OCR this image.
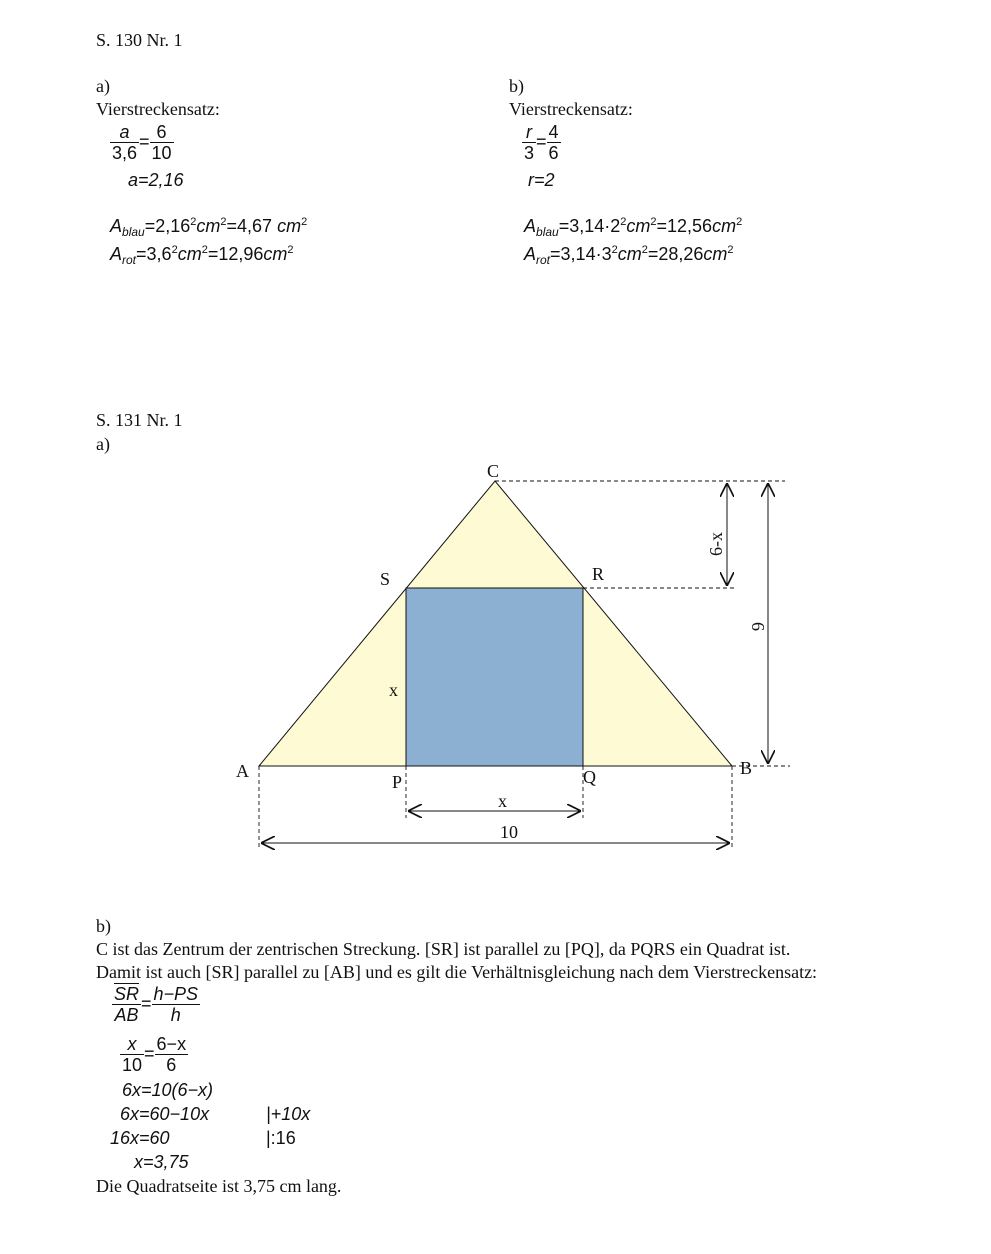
S. 130 Nr. 1
a)
Vierstreckensatz:
$\frac{a}{3,6} = \frac{6}{10}$
a=2,16
$A_{blau}=2,16^2cm^2=4,67$ $cm^2$
$A_{rot}=3,6^2cm^2=12,96cm^2$
b)
Vierstreckensatz:
$\frac{r}{3} = \frac{4}{6}$
r=2
$A_{blau}=3,14\cdot 2^2cm^2=12,56cm^2$
$A_{rot}=3,14\cdot 3^2cm^2=28,26cm^2$
S. 131 Nr. 1
a)
C
S	R
A	B
P	Q
x
x
10
6
6-x
b)
C ist das Zentrum der zentrischen Streckung. [SR] ist parallel zu [PQ], da PQRS ein Quadrat ist.
Damit ist auch [SR] parallel zu [AB] und es gilt die Verhältnisgleichung nach dem Vierstreckensatz:
$\frac{\overline{SR}}{AB} = \frac{h-PS}{h}$
$\frac{x}{10} = \frac{6-x}{6}$
6x=10(6−x)
6x=60−10x	|+10x
16x=60	|:16
x=3,75
Die Quadratseite ist 3,75 cm lang.
